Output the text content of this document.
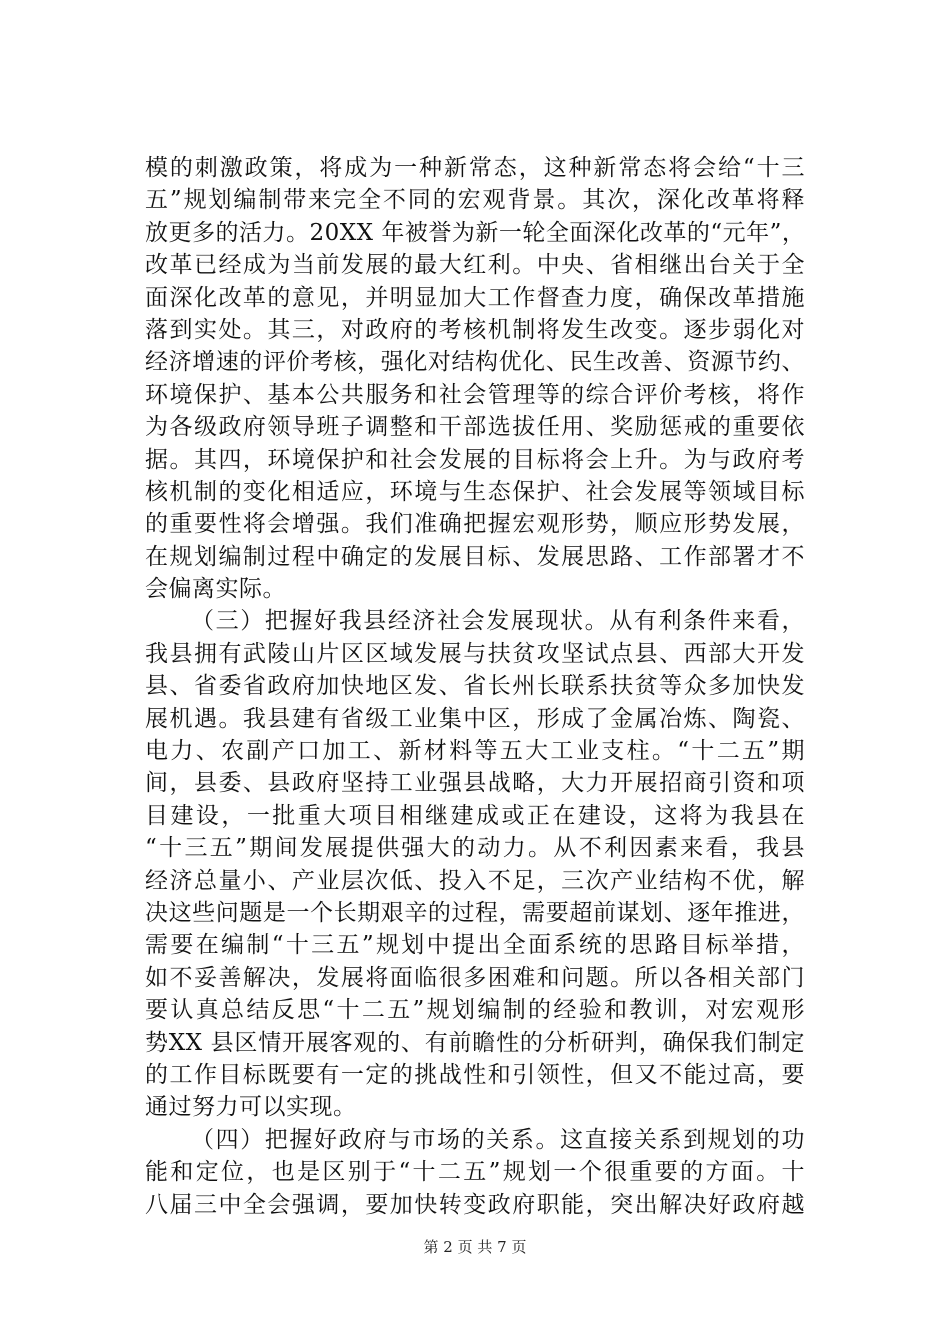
模的刺激政策，将成为一种新常态，这种新常态将会给“十三
五”规划编制带来完全不同的宏观背景。其次，深化改革将释
放更多的活力。20XX 年被誉为新一轮全面深化改革的“元年”，
改革已经成为当前发展的最大红利。中央、省相继出台关于全
面深化改革的意见，并明显加大工作督查力度，确保改革措施
落到实处。其三，对政府的考核机制将发生改变。逐步弱化对
经济增速的评价考核，强化对结构优化、民生改善、资源节约、
环境保护、基本公共服务和社会管理等的综合评价考核，将作
为各级政府领导班子调整和干部选拔任用、奖励惩戒的重要依
据。其四，环境保护和社会发展的目标将会上升。为与政府考
核机制的变化相适应，环境与生态保护、社会发展等领域目标
的重要性将会增强。我们准确把握宏观形势，顺应形势发展，
在规划编制过程中确定的发展目标、发展思路、工作部署才不
会偏离实际。
（三）把握好我县经济社会发展现状。从有利条件来看，
我县拥有武陵山片区区域发展与扶贫攻坚试点县、西部大开发
县、省委省政府加快地区发、省长州长联系扶贫等众多加快发
展机遇。我县建有省级工业集中区，形成了金属冶炼、陶瓷、
电力、农副产口加工、新材料等五大工业支柱。“十二五”期
间，县委、县政府坚持工业强县战略，大力开展招商引资和项
目建设，一批重大项目相继建成或正在建设，这将为我县在
“十三五”期间发展提供强大的动力。从不利因素来看，我县
经济总量小、产业层次低、投入不足，三次产业结构不优，解
决这些问题是一个长期艰辛的过程，需要超前谋划、逐年推进，
需要在编制“十三五”规划中提出全面系统的思路目标举措，
如不妥善解决，发展将面临很多困难和问题。所以各相关部门
要认真总结反思“十二五”规划编制的经验和教训，对宏观形
势XX 县区情开展客观的、有前瞻性的分析研判，确保我们制定
的工作目标既要有一定的挑战性和引领性，但又不能过高，要
通过努力可以实现。
（四）把握好政府与市场的关系。这直接关系到规划的功
能和定位，也是区别于“十二五”规划一个很重要的方面。十
八届三中全会强调，要加快转变政府职能，突出解决好政府越
第 2 页 共 7 页
